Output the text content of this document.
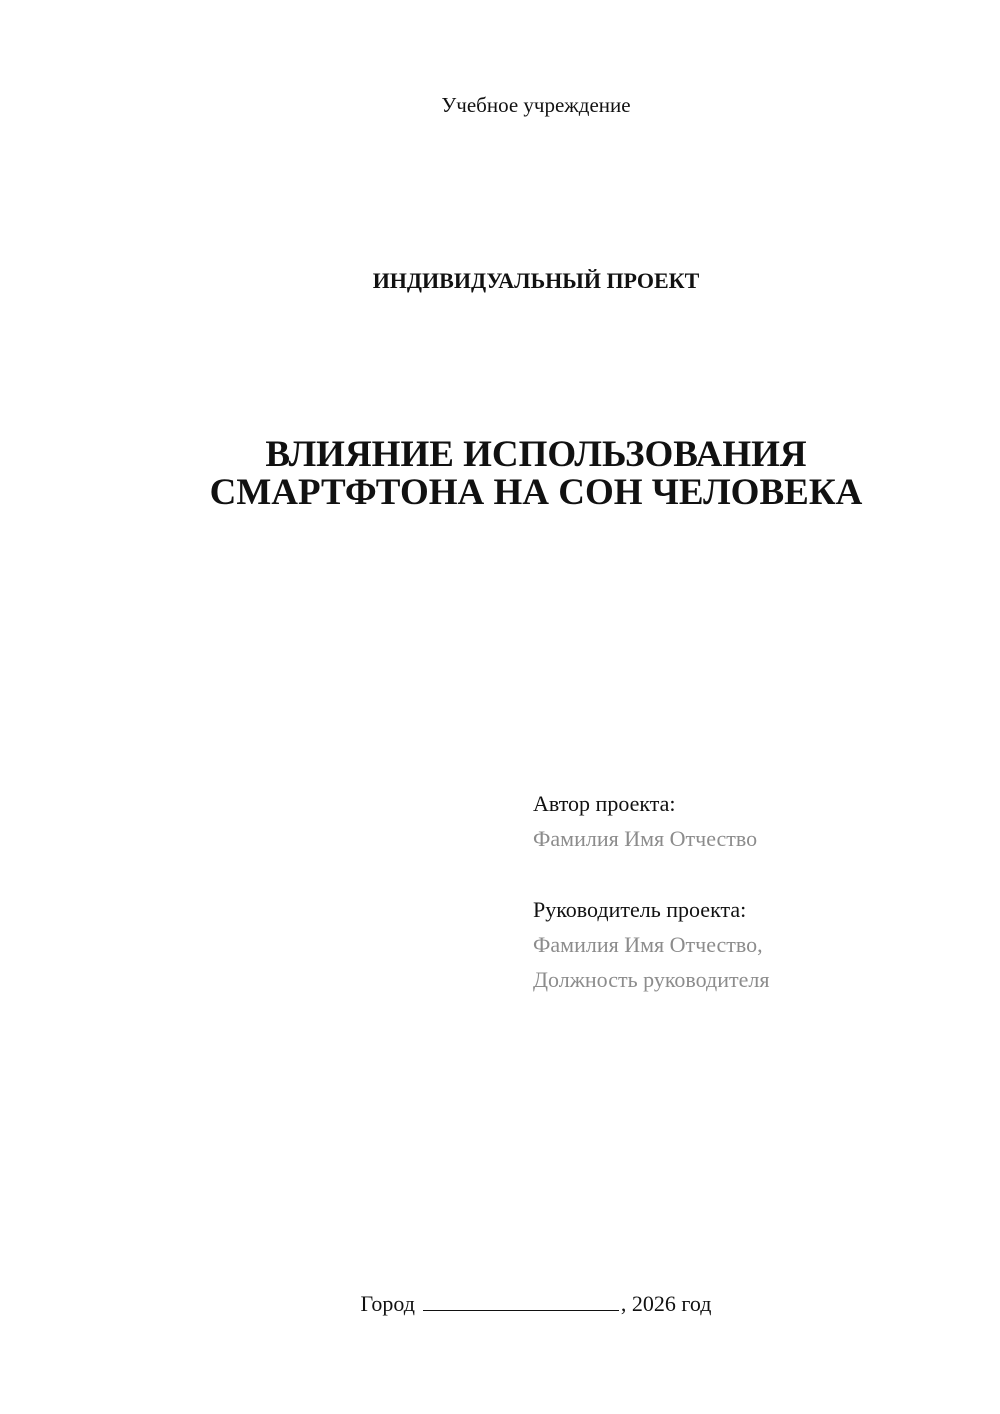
Учебное учреждение
ИНДИВИДУАЛЬНЫЙ ПРОЕКТ
ВЛИЯНИЕ ИСПОЛЬЗОВАНИЯ
СМАРТФТОНА НА СОН ЧЕЛОВЕКА
Автор проекта:
Фамилия Имя Отчество
Руководитель проекта:
Фамилия Имя Отчество,
Должность руководителя
Город	, 2026 год
